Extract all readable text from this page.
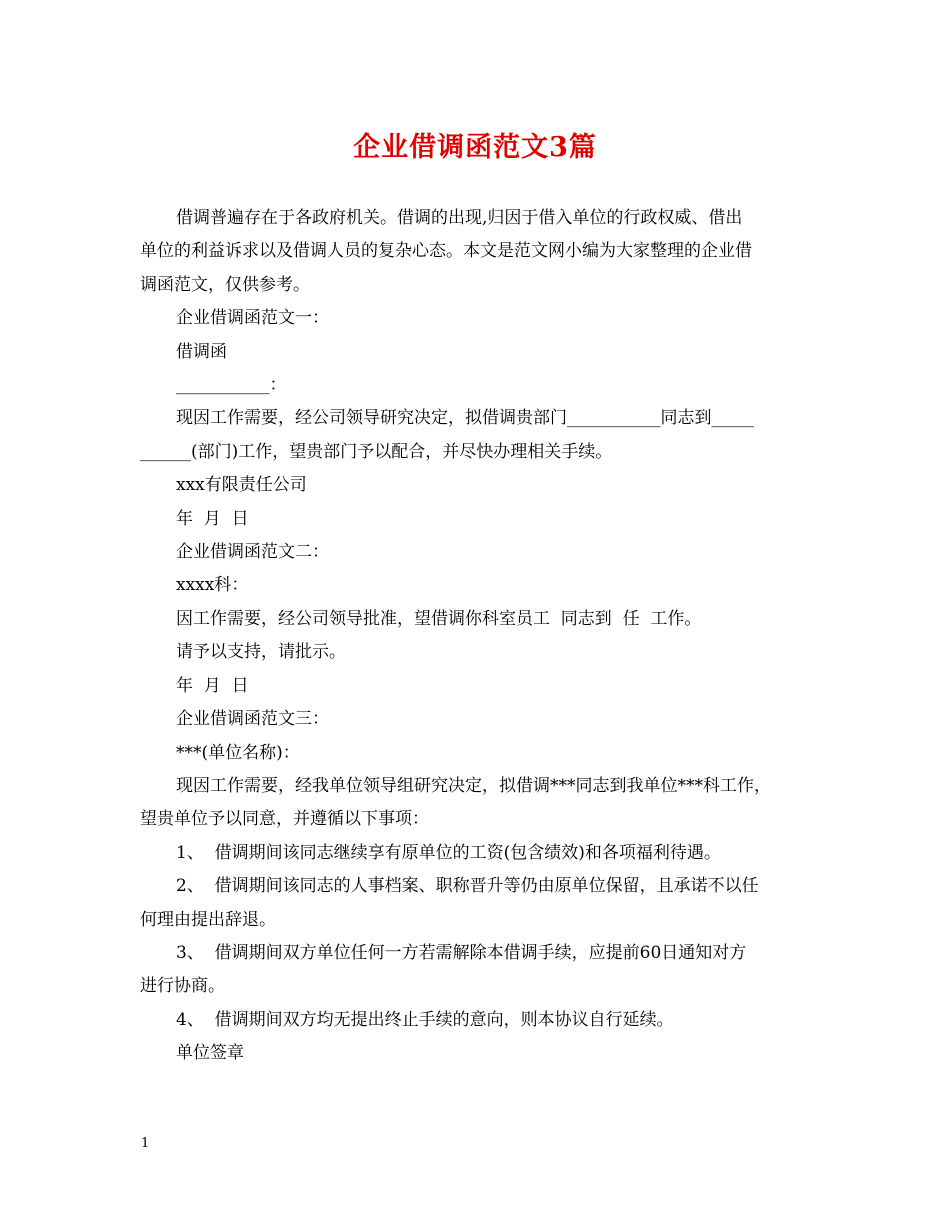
企业借调函范文3篇
借调普遍存在于各政府机关。借调的出现,归因于借入单位的行政权威、借出
单位的利益诉求以及借调人员的复杂心态。本文是范文网小编为大家整理的企业借
调函范文，仅供参考。
企业借调函范文一：
借调函
___________：
现因工作需要，经公司领导研究决定，拟借调贵部门___________同志到_____
______(部门)工作，望贵部门予以配合，并尽快办理相关手续。
xxx有限责任公司
年  月  日
企业借调函范文二：
xxxx科：
因工作需要，经公司领导批准，望借调你科室员工  同志到  任  工作。
请予以支持，请批示。
年  月  日
企业借调函范文三：
***(单位名称)：
现因工作需要，经我单位领导组研究决定，拟借调***同志到我单位***科工作，
望贵单位予以同意，并遵循以下事项：
1、  借调期间该同志继续享有原单位的工资(包含绩效)和各项福利待遇。
2、  借调期间该同志的人事档案、职称晋升等仍由原单位保留，且承诺不以任
何理由提出辞退。
3、  借调期间双方单位任何一方若需解除本借调手续，应提前60日通知对方
进行协商。
4、  借调期间双方均无提出终止手续的意向，则本协议自行延续。
单位签章
1
